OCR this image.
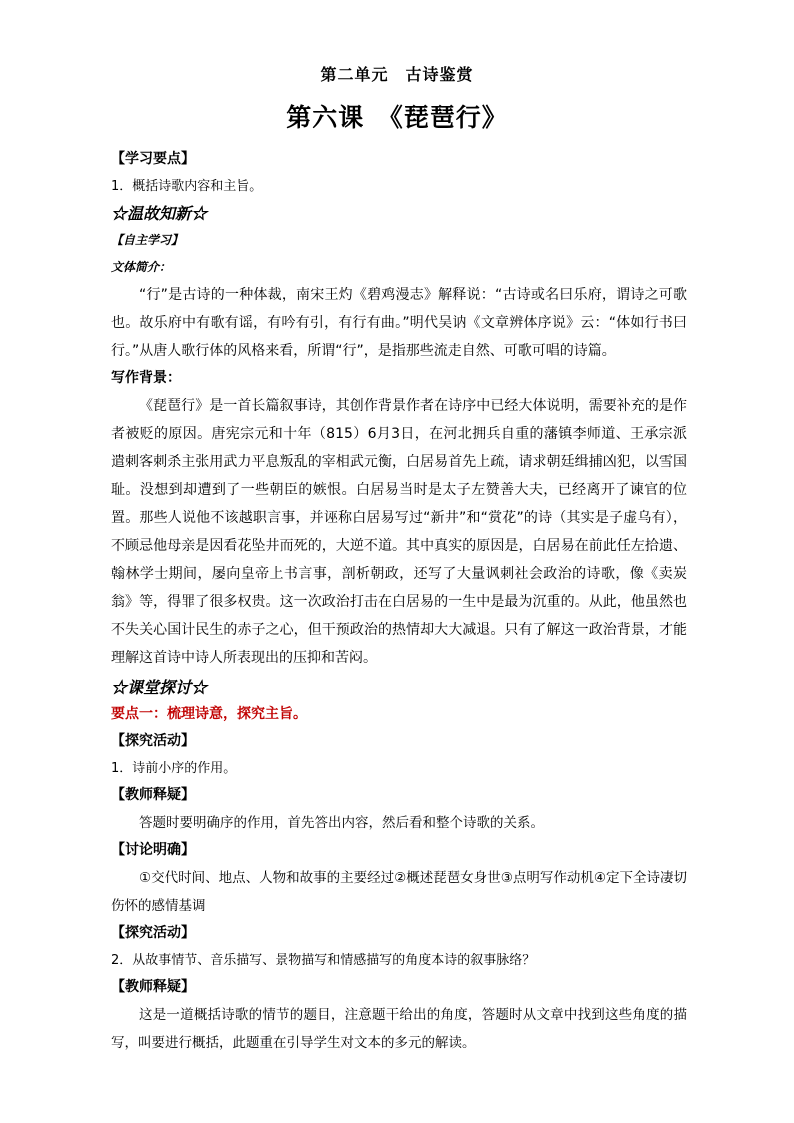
第二单元　古诗鉴赏
第六课　《琵琶行》
【学习要点】
1．概括诗歌内容和主旨。
☆温故知新☆
【自主学习】
文体简介：
“行”是古诗的一种体裁，南宋王灼《碧鸡漫志》解释说：“古诗或名曰乐府，谓诗之可歌也。故乐府中有歌有谣，有吟有引，有行有曲。”明代吴讷《文章辨体序说》云：“体如行书曰行。”从唐人歌行体的风格来看，所谓“行”，是指那些流走自然、可歌可唱的诗篇。
写作背景：
《琵琶行》是一首长篇叙事诗，其创作背景作者在诗序中已经大体说明，需要补充的是作者被贬的原因。唐宪宗元和十年（815）6月3日，在河北拥兵自重的藩镇李师道、王承宗派遣刺客刺杀主张用武力平息叛乱的宰相武元衡，白居易首先上疏，请求朝廷缉捕凶犯，以雪国耻。没想到却遭到了一些朝臣的嫉恨。白居易当时是太子左赞善大夫，已经离开了谏官的位置。那些人说他不该越职言事，并诬称白居易写过“新井”和“赏花”的诗（其实是子虚乌有），不顾忌他母亲是因看花坠井而死的，大逆不道。其中真实的原因是，白居易在前此任左拾遗、翰林学士期间，屡向皇帝上书言事，剖析朝政，还写了大量讽刺社会政治的诗歌，像《卖炭翁》等，得罪了很多权贵。这一次政治打击在白居易的一生中是最为沉重的。从此，他虽然也不失关心国计民生的赤子之心，但干预政治的热情却大大减退。只有了解这一政治背景，才能理解这首诗中诗人所表现出的压抑和苦闷。
☆课堂探讨☆
要点一：梳理诗意，探究主旨。
【探究活动】
1．诗前小序的作用。
【教师释疑】
答题时要明确序的作用，首先答出内容，然后看和整个诗歌的关系。
【讨论明确】
①交代时间、地点、人物和故事的主要经过②概述琵琶女身世③点明写作动机④定下全诗凄切伤怀的感情基调
【探究活动】
2．从故事情节、音乐描写、景物描写和情感描写的角度本诗的叙事脉络？
【教师释疑】
这是一道概括诗歌的情节的题目，注意题干给出的角度，答题时从文章中找到这些角度的描写，叫要进行概括，此题重在引导学生对文本的多元的解读。
